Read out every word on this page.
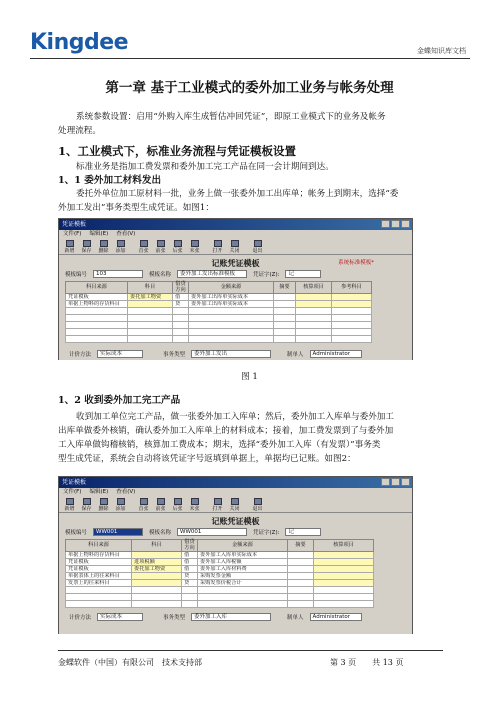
Kingdee	金蝶知识库文档
第一章 基于工业模式的委外加工业务与帐务处理
系统参数设置：启用“外购入库生成暂估冲回凭证”，即原工业模式下的业务及帐务
处理流程。
1、工业模式下，标准业务流程与凭证模板设置
标准业务是指加工费发票和委外加工完工产品在同一会计期间到达。
1、1 委外加工材料发出
委托外单位加工原材料一批，业务上做一张委外加工出库单；帐务上到期末，选择“委
外加工发出”事务类型生成凭证。如图1：
凭证模板
文件(F) 编辑(E) 查看(V)
新增 保存 删除 添加	首张 前张 后张 末张	打开 关闭	退出
记账凭证模板	系统标准模板*
模板编号	103	模板名称	委外加工发出标准模板	凭证字(Z):	记
科目来源	科目	借贷方向	金额来源	摘要	核算项目	参考科目
凭证模板	委托加工物资	借	委外加工出库单实际成本			
单据上物料的存货科目		贷	委外加工出库单实际成本			

计价方法	实际成本	事务类型	委外加工发出	制单人	Administrator
图 1
1、2 收到委外加工完工产品
收到加工单位完工产品，做一张委外加工入库单；然后，委外加工入库单与委外加工
出库单做委外核销，确认委外加工入库单上的材料成本；接着，加工费发票到了与委外加
工入库单做钩稽核销，核算加工费成本；期末，选择“委外加工入库（有发票）”事务类
型生成凭证，系统会自动将该凭证字号返填到单据上，单据均已记账。如图2：
凭证模板
文件(F) 编辑(E) 查看(V)
新增 保存 删除 添加	首张 前张 后张 末张	打开 关闭	退出
记账凭证模板
模板编号	WW001	模板名称	WW001	凭证字(Z):	记
科目来源	科目	借贷方向	金额来源	摘要	核算项目
单据上物料的存货科目		借	委外加工入库单实际成本		
凭证模板	进项税额	借	委外加工入库税额		
凭证模板	委托加工物资	借	委外加工入库材料费		
单据表体上的往来科目		贷	采购发票金额		
发票上的往来科目		贷	采购发票价税合计		

计价方法	实际成本	事务类型	委外加工入库	制单人	Administrator
金蝶软件（中国）有限公司　技术支持部	第 3 页　　共 13 页
